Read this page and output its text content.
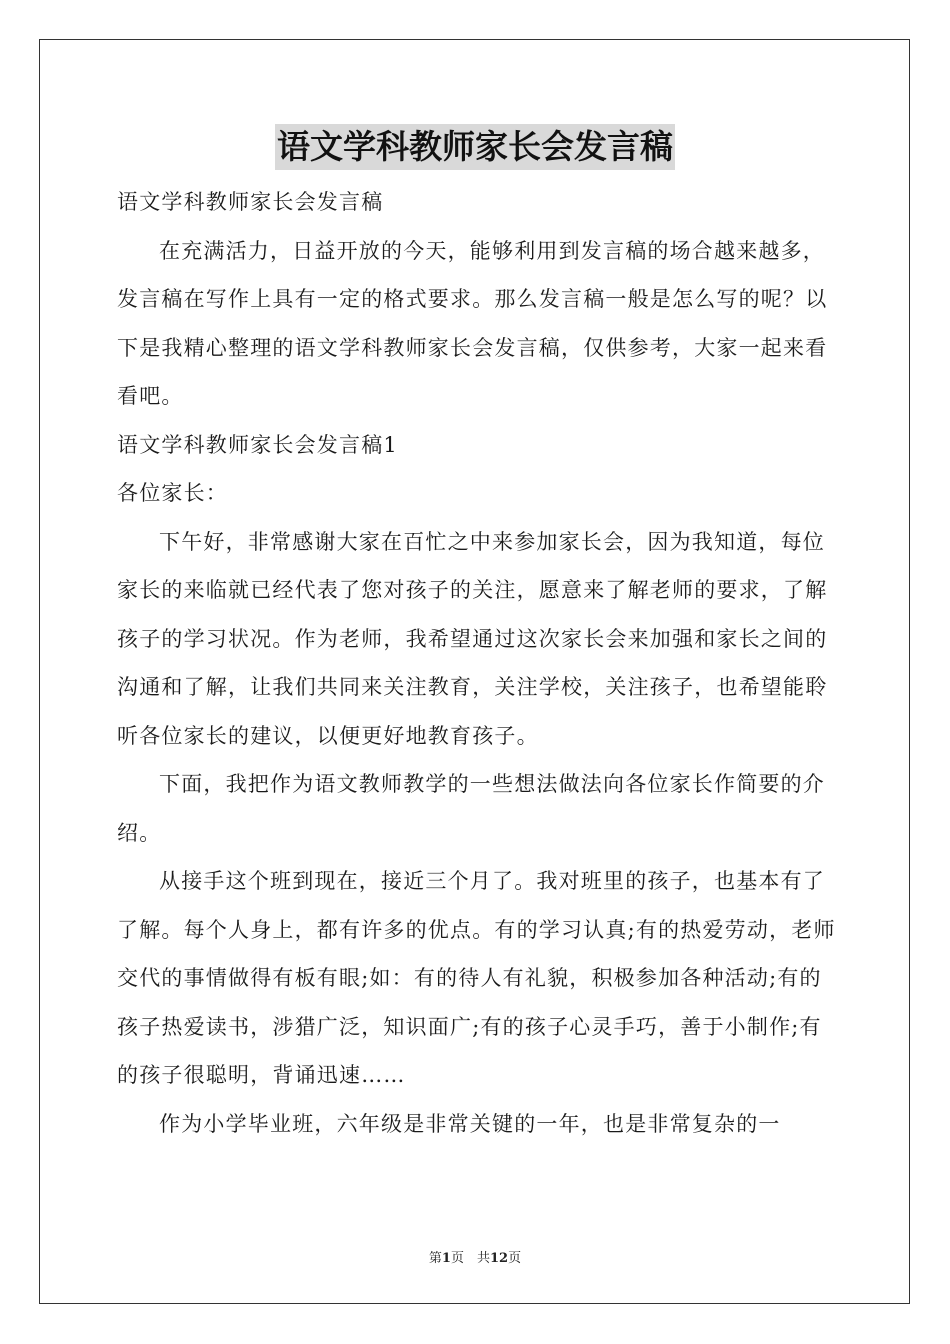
语文学科教师家长会发言稿

语文学科教师家长会发言稿

在充满活力，日益开放的今天，能够利用到发言稿的场合越来越多，发言稿在写作上具有一定的格式要求。那么发言稿一般是怎么写的呢？以下是我精心整理的语文学科教师家长会发言稿，仅供参考，大家一起来看看吧。

语文学科教师家长会发言稿1

各位家长：

下午好，非常感谢大家在百忙之中来参加家长会，因为我知道，每位家长的来临就已经代表了您对孩子的关注，愿意来了解老师的要求，了解孩子的学习状况。作为老师，我希望通过这次家长会来加强和家长之间的沟通和了解，让我们共同来关注教育，关注学校，关注孩子，也希望能聆听各位家长的建议，以便更好地教育孩子。

下面，我把作为语文教师教学的一些想法做法向各位家长作简要的介绍。

从接手这个班到现在，接近三个月了。我对班里的孩子，也基本有了了解。每个人身上，都有许多的优点。有的学习认真;有的热爱劳动，老师交代的事情做得有板有眼;如：有的待人有礼貌，积极参加各种活动;有的孩子热爱读书，涉猎广泛，知识面广;有的孩子心灵手巧，善于小制作;有的孩子很聪明，背诵迅速……

作为小学毕业班，六年级是非常关键的一年，也是非常复杂的一

第1页　共12页
